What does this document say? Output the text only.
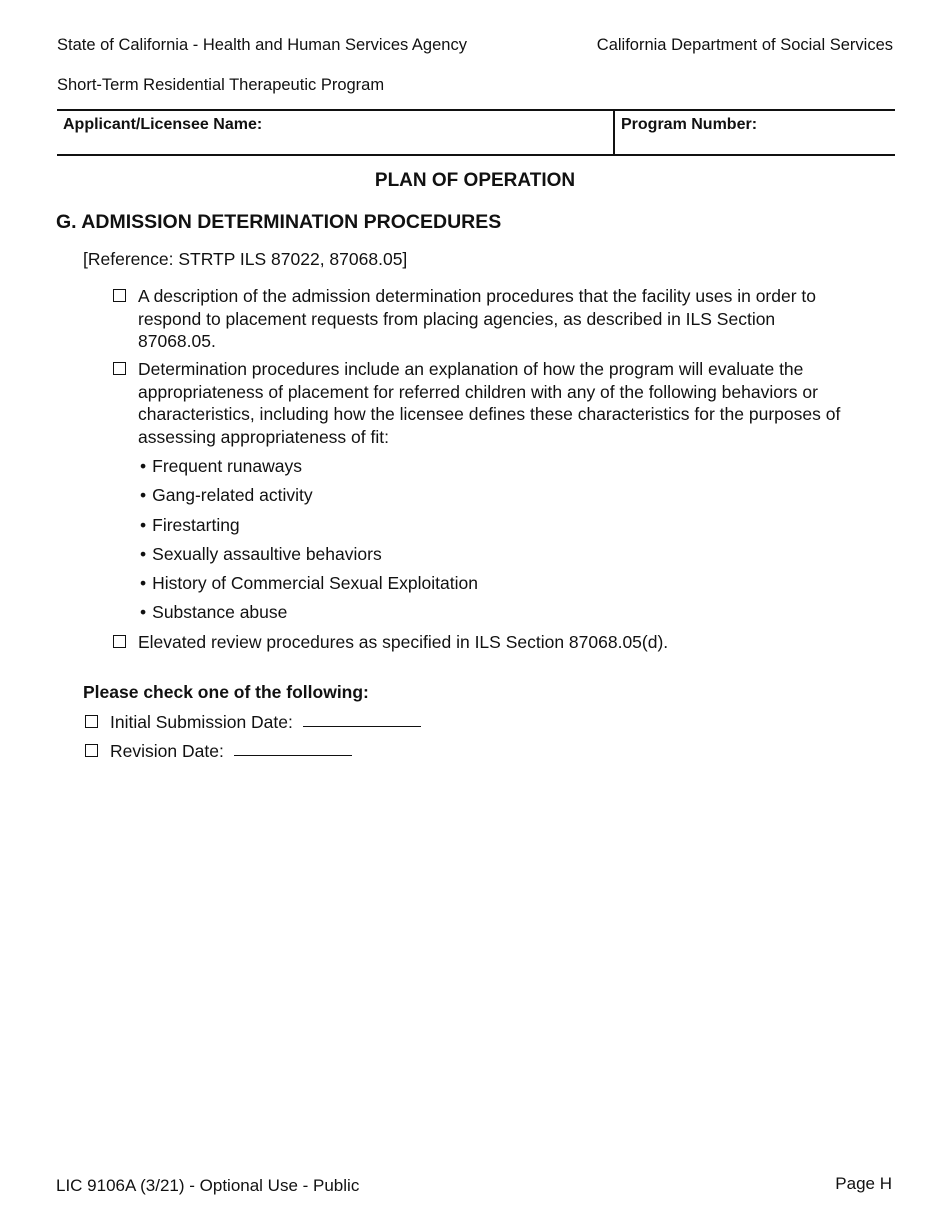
State of California - Health and Human Services Agency	California Department of Social Services
Short-Term Residential Therapeutic Program
Applicant/Licensee Name:	Program Number:
PLAN OF OPERATION
G. ADMISSION DETERMINATION PROCEDURES
[Reference: STRTP ILS 87022, 87068.05]
A description of the admission determination procedures that the facility uses in order to respond to placement requests from placing agencies, as described in ILS Section 87068.05.
Determination procedures include an explanation of how the program will evaluate the appropriateness of placement for referred children with any of the following behaviors or characteristics, including how the licensee defines these characteristics for the purposes of assessing appropriateness of fit:
• Frequent runaways
• Gang-related activity
• Firestarting
• Sexually assaultive behaviors
• History of Commercial Sexual Exploitation
• Substance abuse
Elevated review procedures as specified in ILS Section 87068.05(d).
Please check one of the following:
Initial Submission Date:
Revision Date:
LIC 9106A (3/21) - Optional Use - Public	Page H
